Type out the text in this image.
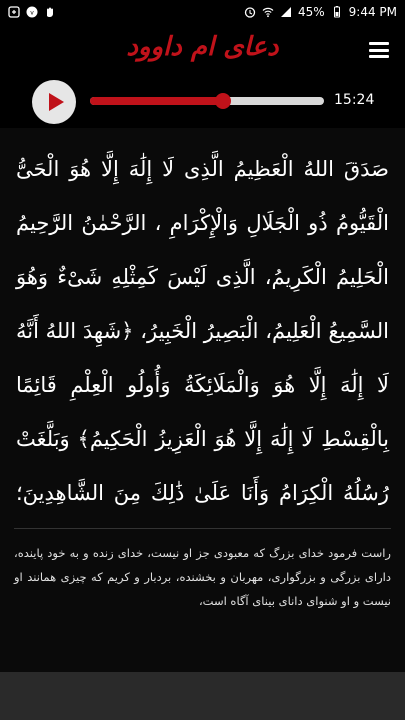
v	45% 9:44 PM
دعای ام داوود
15:24

صَدَقَ اللهُ الْعَظِيمُ الَّذِى لَا إِلَٰهَ إِلَّا هُوَ الْحَىُّ الْقَيُّومُ ذُو الْجَلَالِ وَالْإِكْرَامِ ، الرَّحْمٰنُ الرَّحِيمُ الْحَلِيمُ الْكَرِيمُ، الَّذِى لَيْسَ كَمِثْلِهِ شَىْءٌ وَهُوَ السَّمِيعُ الْعَلِيمُ، الْبَصِيرُ الْخَبِيرُ، ﴿شَهِدَ اللهُ أَنَّهُ لَا إِلَٰهَ إِلَّا هُوَ وَالْمَلَائِكَةُ وَأُولُو الْعِلْمِ قَائِمًا بِالْقِسْطِ لَا إِلَٰهَ إِلَّا هُوَ الْعَزِيزُ الْحَكِيمُ﴾ وَبَلَّغَتْ رُسُلُهُ الْكِرَامُ وَأَنَا عَلَىٰ ذَٰلِكَ مِنَ الشَّاهِدِينَ؛

راست فرمود خدای بزرگ که معبودی جز او نیست، خدای زنده و به خود پاینده، دارای بزرگی و بزرگواری، مهربان و بخشنده، بردبار و کریم که چیزی همانند او نیست و او شنوای دانای بینای آگاه است،
